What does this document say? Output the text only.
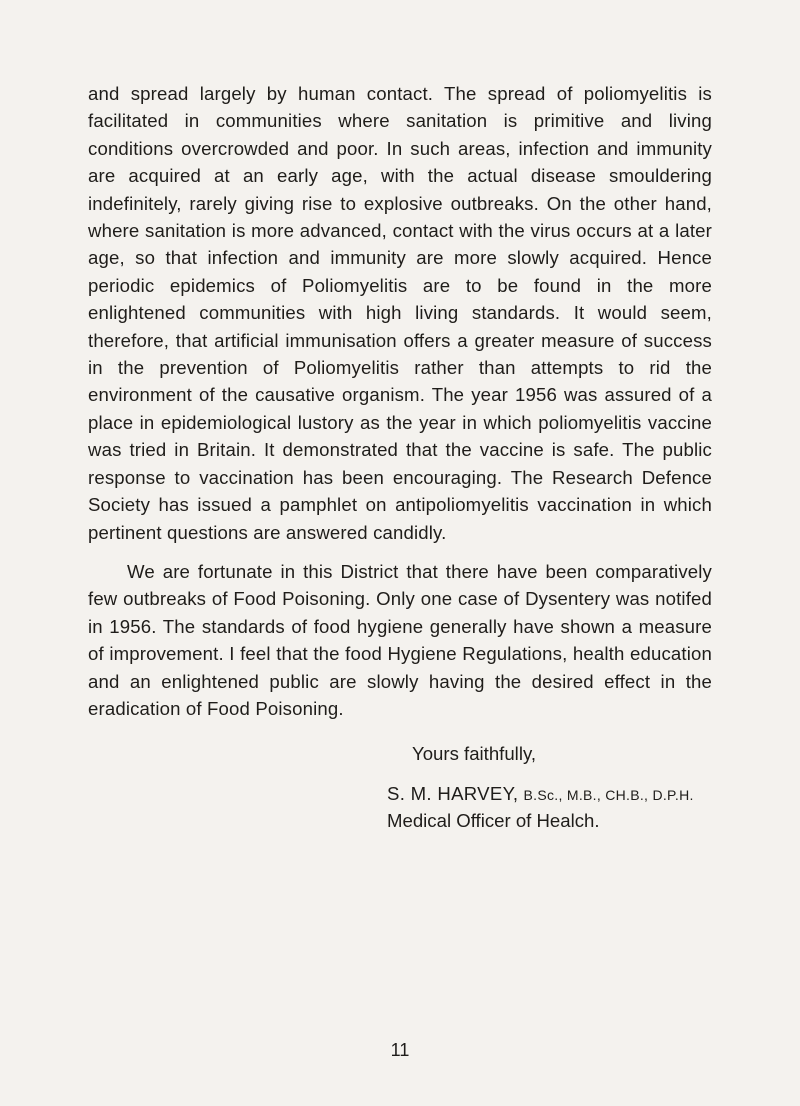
and spread largely by human contact. The spread of poliomyelitis is facilitated in communities where sanitation is primitive and living conditions overcrowded and poor. In such areas, infection and immunity are acquired at an early age, with the actual disease smouldering indefinitely, rarely giving rise to explosive outbreaks. On the other hand, where sanitation is more advanced, contact with the virus occurs at a later age, so that infection and immunity are more slowly acquired. Hence periodic epidemics of Poliomyelitis are to be found in the more enlightened communities with high living standards. It would seem, therefore, that artificial immunisation offers a greater measure of success in the prevention of Poliomyelitis rather than attempts to rid the environment of the causative organism. The year 1956 was assured of a place in epidemiological lustory as the year in which poliomyelitis vaccine was tried in Britain. It demonstrated that the vaccine is safe. The public response to vaccination has been encouraging. The Research Defence Society has issued a pamphlet on antipoliomyelitis vaccination in which pertinent questions are answered candidly.

We are fortunate in this District that there have been comparatively few outbreaks of Food Poisoning. Only one case of Dysentery was notifed in 1956. The standards of food hygiene generally have shown a measure of improvement. I feel that the food Hygiene Regulations, health education and an enlightened public are slowly having the desired effect in the eradication of Food Poisoning.

Yours faithfully,

S. M. HARVEY, B.Sc., M.B., CH.B., D.P.H.
Medical Officer of Healch.
11
